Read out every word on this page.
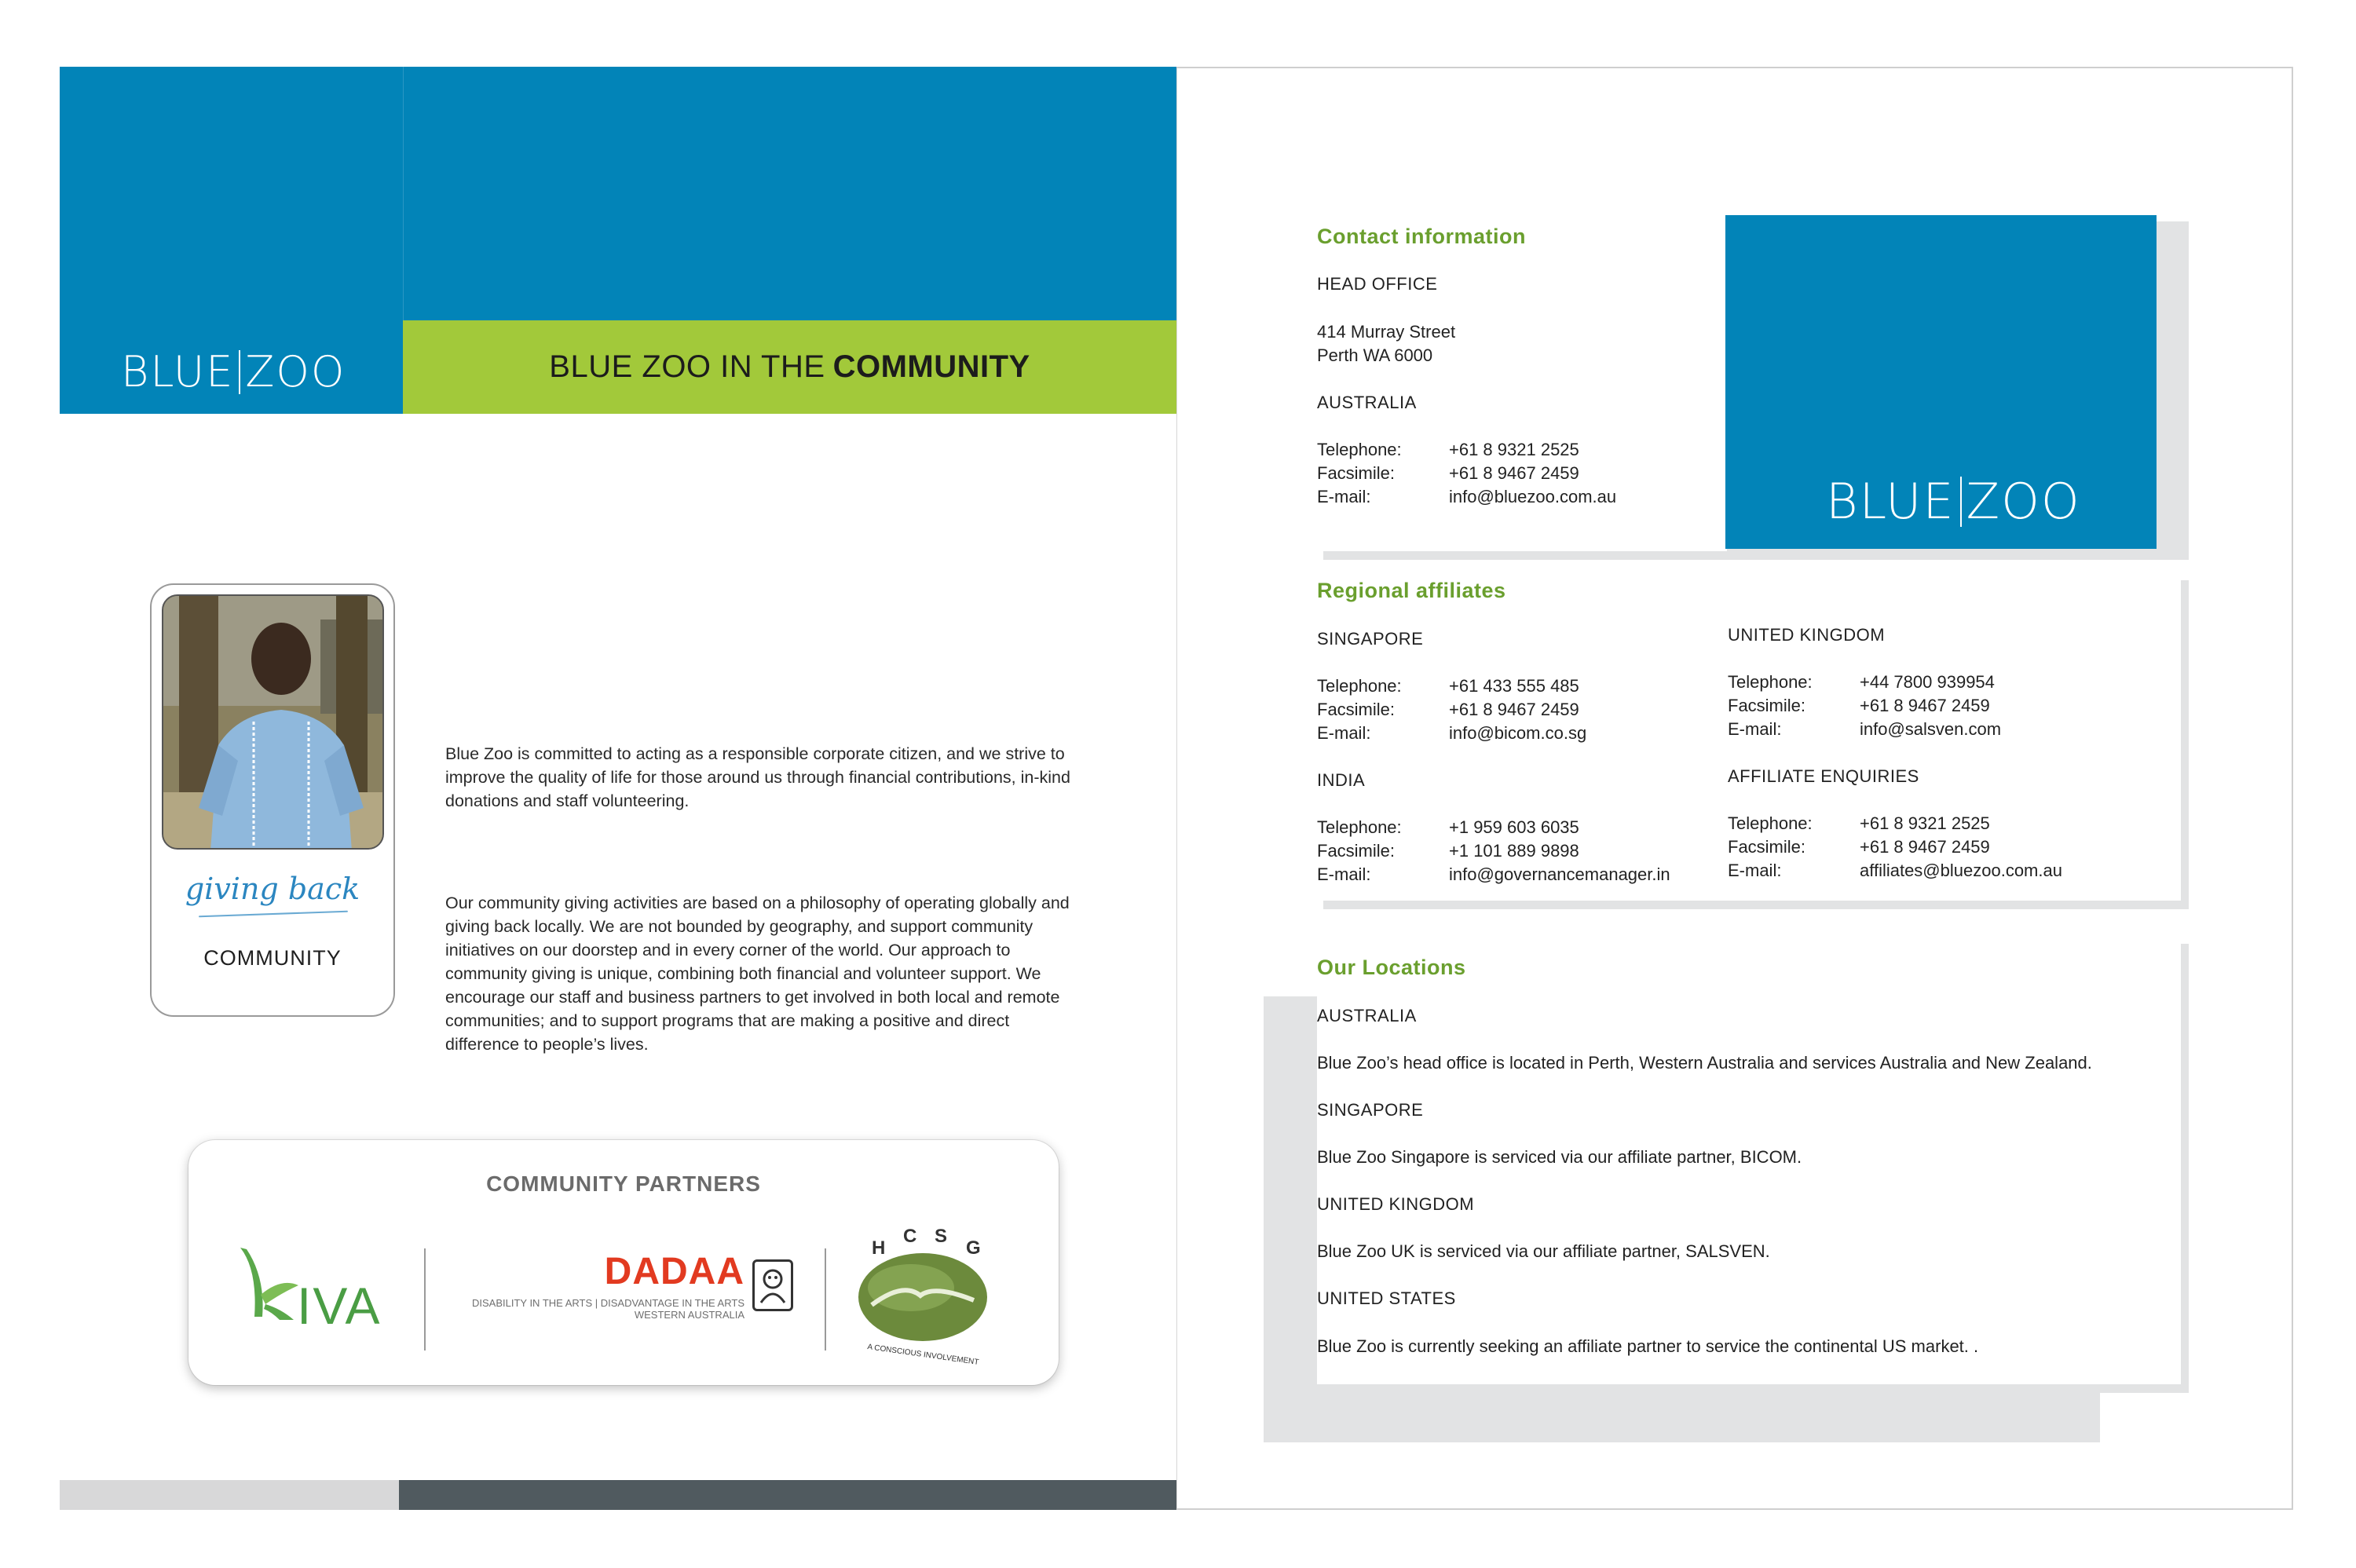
BLUE ZOO	BLUE ZOO IN THE COMMUNITY
giving back
COMMUNITY

Blue Zoo is committed to acting as a responsible corporate citizen, and we strive to improve the quality of life for those around us through financial contributions, in-kind donations and staff volunteering.

Our community giving activities are based on a philosophy of operating globally and giving back locally. We are not bounded by geography, and support community initiatives on our doorstep and in every corner of the world. Our approach to community giving is unique, combining both financial and volunteer support. We encourage our staff and business partners to get involved in both local and remote communities; and to support programs that are making a positive and direct difference to people’s lives.

COMMUNITY PARTNERS
IVA
DADAA
DISABILITY IN THE ARTS | DISADVANTAGE IN THE ARTS
WESTERN AUSTRALIA
H
C S
G
A CONSCIOUS INVOLVEMENT
Contact information
HEAD OFFICE
414 Murray Street
Perth WA 6000
AUSTRALIA
Telephone:	+61 8 9321 2525
Facsimile:	+61 8 9467 2459
E-mail:	info@bluezoo.com.au	BLUE ZOO
Regional affiliates
SINGAPORE
Telephone:	+61 433 555 485
Facsimile:	+61 8 9467 2459
E-mail:	info@bicom.co.sg
INDIA
Telephone:	+1 959 603 6035
Facsimile:	+1 101 889 9898
E-mail:	info@governancemanager.in
UNITED KINGDOM
Telephone:	+44 7800 939954
Facsimile:	+61 8 9467 2459
E-mail:	info@salsven.com
AFFILIATE ENQUIRIES
Telephone:	+61 8 9321 2525
Facsimile:	+61 8 9467 2459
E-mail:	affiliates@bluezoo.com.au
Our Locations
AUSTRALIA
Blue Zoo’s head office is located in Perth, Western Australia and services Australia and New Zealand.
SINGAPORE
Blue Zoo Singapore is serviced via our affiliate partner, BICOM.
UNITED KINGDOM
Blue Zoo UK is serviced via our affiliate partner, SALSVEN.
UNITED STATES
Blue Zoo is currently seeking an affiliate partner to service the continental US market. .
